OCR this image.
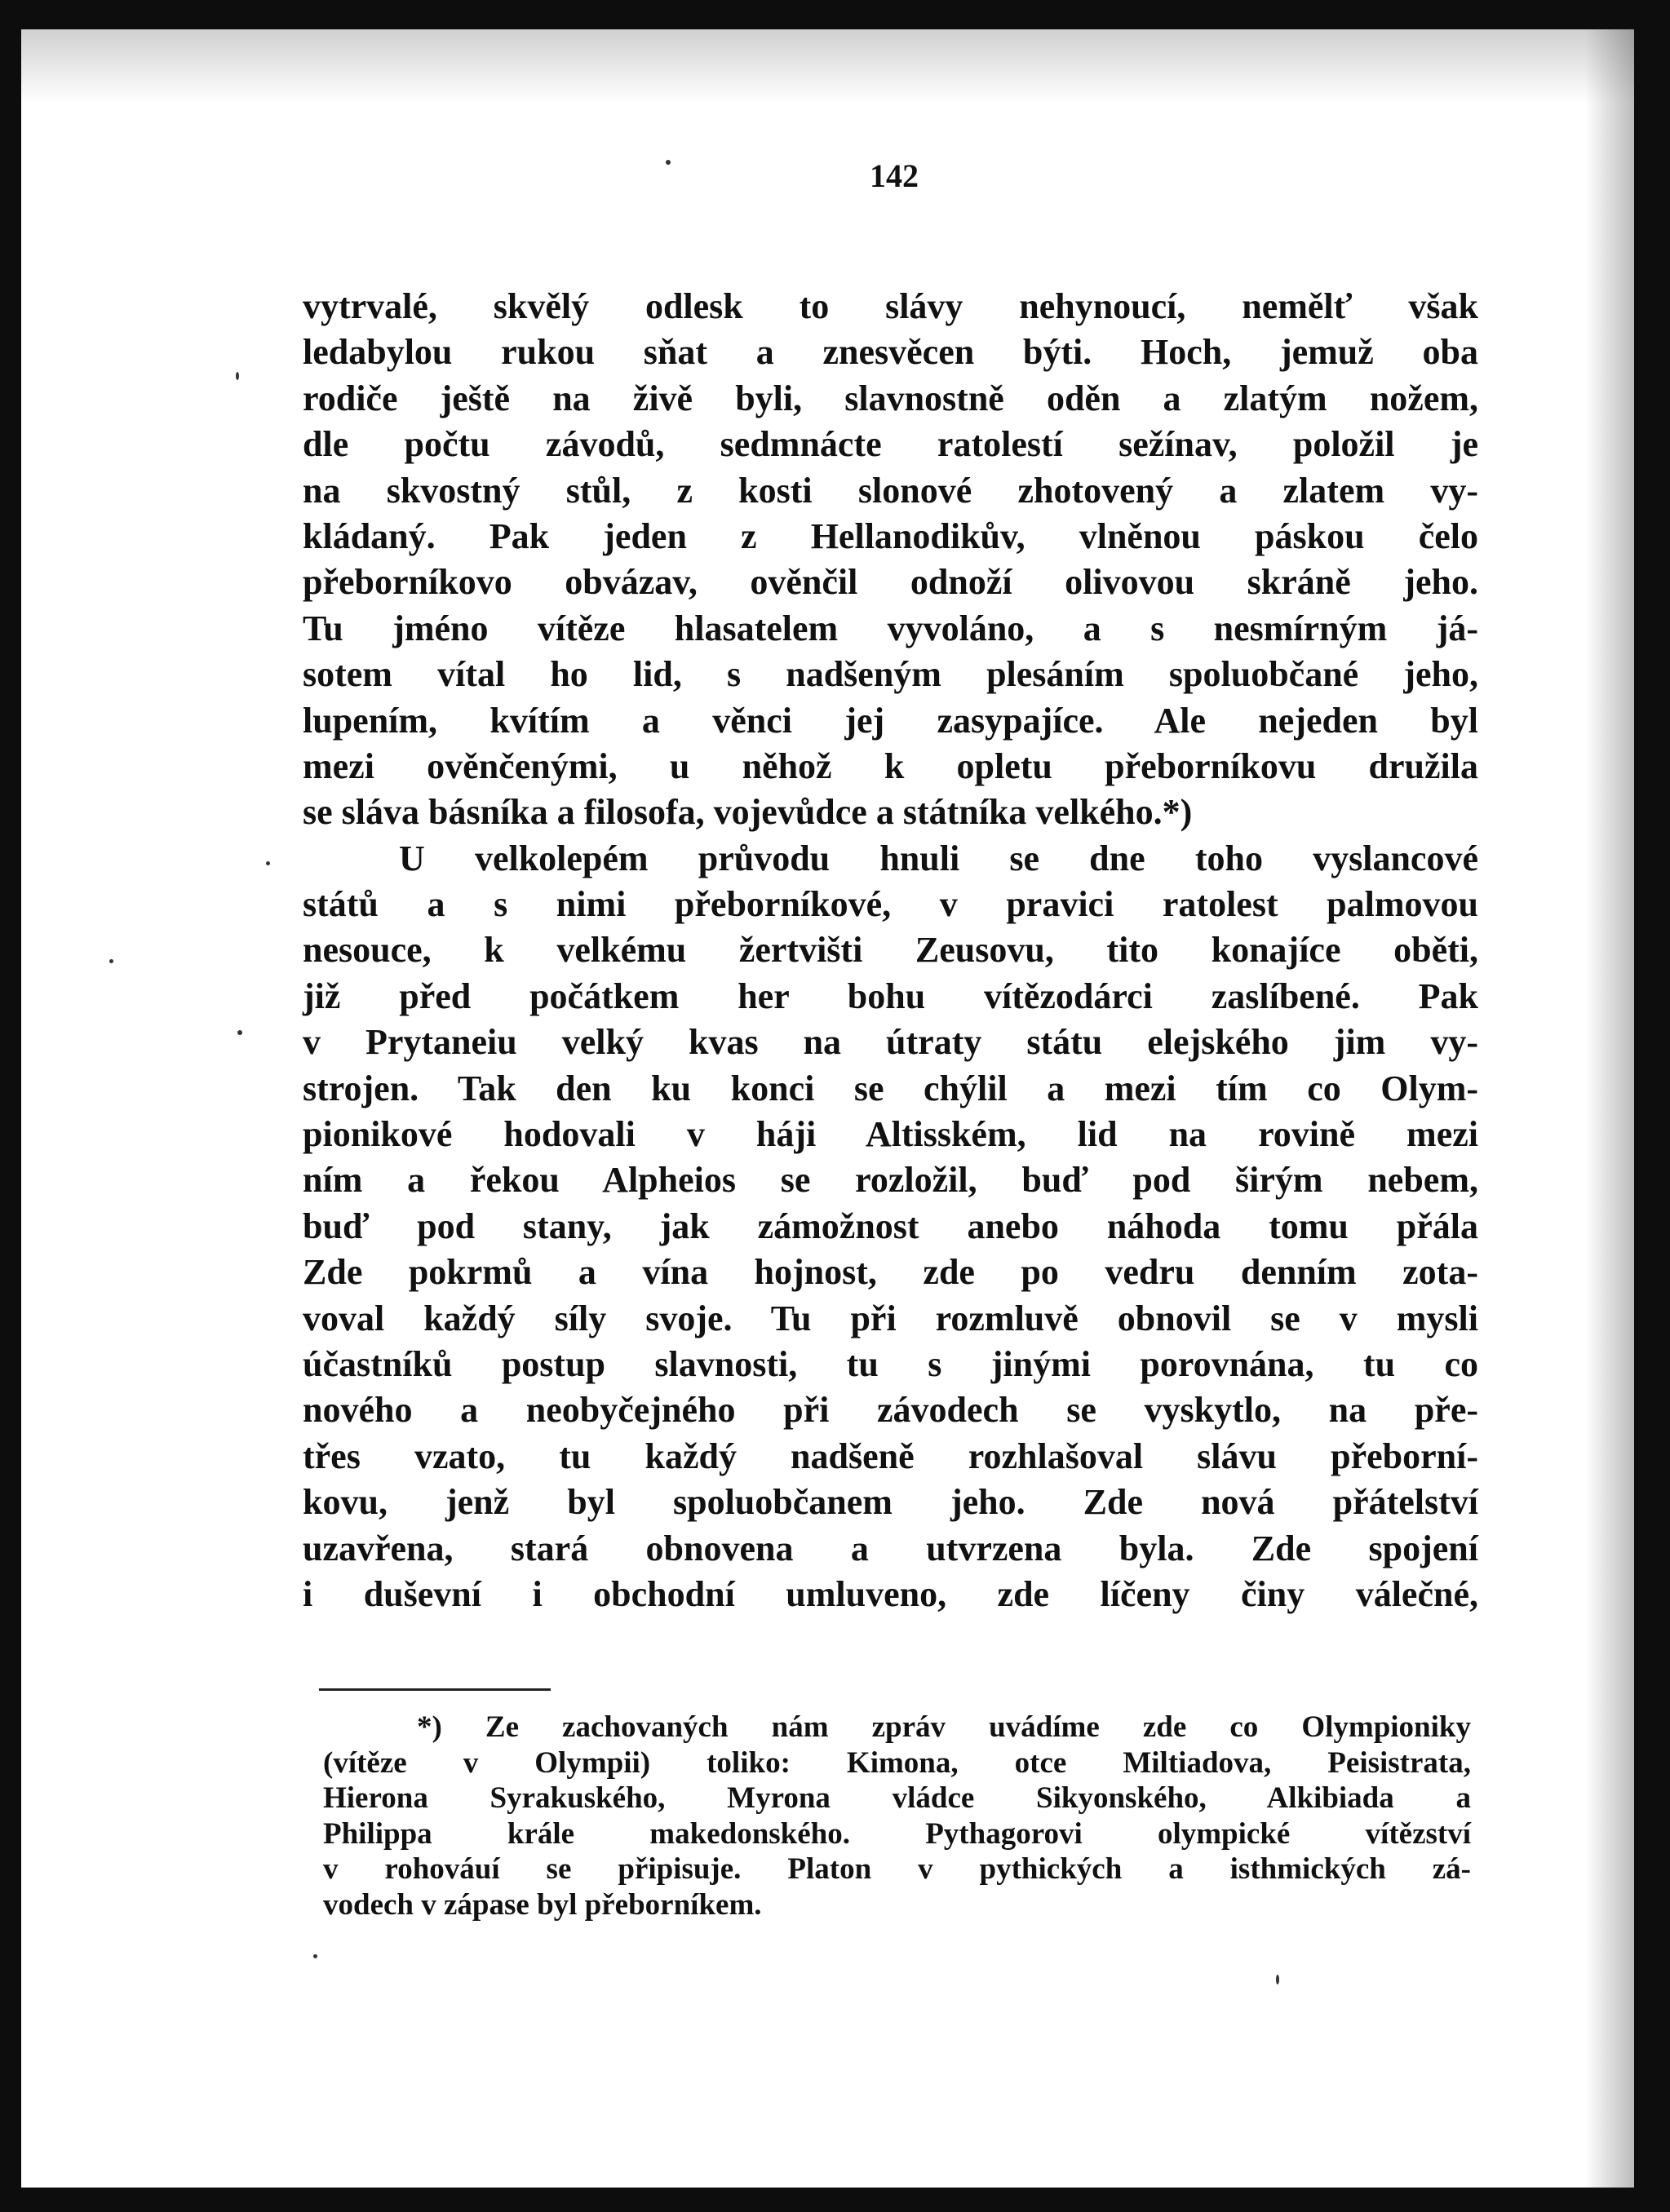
142
vytrvalé, skvělý odlesk to slávy nehynoucí, nemělť však
ledabylou rukou sňat a znesvěcen býti. Hoch, jemuž oba
rodiče ještě na živě byli, slavnostně oděn a zlatým nožem,
dle počtu závodů, sedmnácte ratolestí sežínav, položil je
na skvostný stůl, z kosti slonové zhotovený a zlatem vy-
kládaný. Pak jeden z Hellanodikův, vlněnou páskou čelo
přeborníkovo obvázav, ověnčil odnoží olivovou skráně jeho.
Tu jméno vítěze hlasatelem vyvoláno, a s nesmírným já-
sotem vítal ho lid, s nadšeným plesáním spoluobčané jeho,
lupením, kvítím a věnci jej zasypajíce. Ale nejeden byl
mezi ověnčenými, u něhož k opletu přeborníkovu družila
se sláva básníka a filosofa, vojevůdce a státníka velkého.*)
U velkolepém průvodu hnuli se dne toho vyslancové
států a s nimi přeborníkové, v pravici ratolest palmovou
nesouce, k velkému žertvišti Zeusovu, tito konajíce oběti,
již před počátkem her bohu vítězodárci zaslíbené. Pak
v Prytaneiu velký kvas na útraty státu elejského jim vy-
strojen. Tak den ku konci se chýlil a mezi tím co Olym-
pionikové hodovali v háji Altisském, lid na rovině mezi
ním a řekou Alpheios se rozložil, buď pod širým nebem,
buď pod stany, jak zámožnost anebo náhoda tomu přála
Zde pokrmů a vína hojnost, zde po vedru denním zota-
voval každý síly svoje. Tu při rozmluvě obnovil se v mysli
účastníků postup slavnosti, tu s jinými porovnána, tu co
nového a neobyčejného při závodech se vyskytlo, na pře-
třes vzato, tu každý nadšeně rozhlašoval slávu přeborní-
kovu, jenž byl spoluobčanem jeho. Zde nová přátelství
uzavřena, stará obnovena a utvrzena byla. Zde spojení
i duševní i obchodní umluveno, zde líčeny činy válečné,
*) Ze zachovaných nám zpráv uvádíme zde co Olympioniky
(vítěze v Olympii) toliko: Kimona, otce Miltiadova, Peisistrata,
Hierona Syrakuského, Myrona vládce Sikyonského, Alkibiada a
Philippa krále makedonského. Pythagorovi olympické vítězství
v rohováuí se připisuje. Platon v pythických a isthmických zá-
vodech v zápase byl přeborníkem.
